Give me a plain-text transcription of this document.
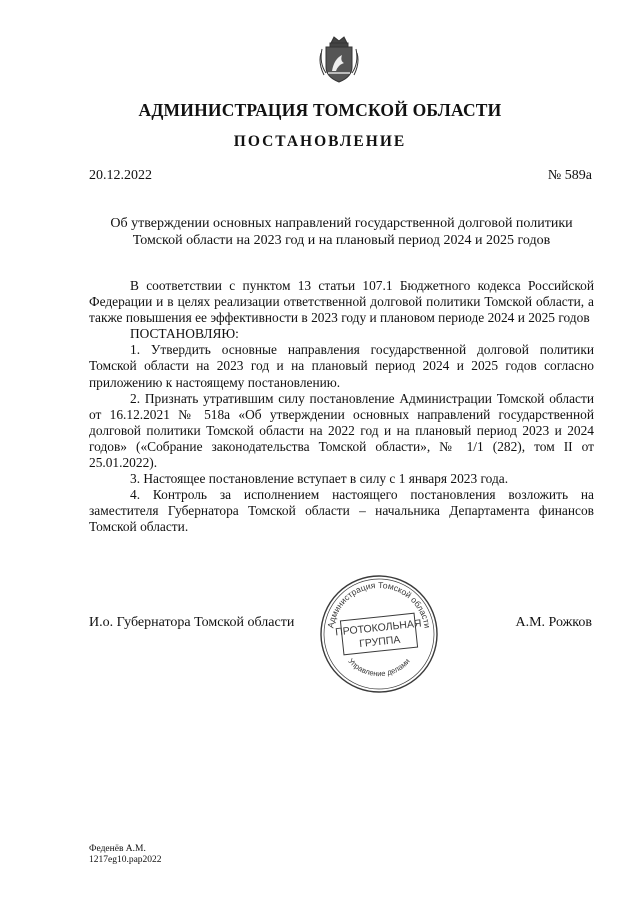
АДМИНИСТРАЦИЯ ТОМСКОЙ ОБЛАСТИ
ПОСТАНОВЛЕНИЕ
20.12.2022	№ 589а
Об утверждении основных направлений государственной долговой политики
Томской области на 2023 год и на плановый период 2024 и 2025 годов

В соответствии с пунктом 13 статьи 107.1 Бюджетного кодекса Российской Федерации и в целях реализации ответственной долговой политики Томской области, а также повышения ее эффективности в 2023 году и плановом периоде 2024 и 2025 годов

ПОСТАНОВЛЯЮ:

1. Утвердить основные направления государственной долговой политики Томской области на 2023 год и на плановый период 2024 и 2025 годов согласно приложению к настоящему постановлению.

2. Признать утратившим силу постановление Администрации Томской области от 16.12.2021 № 518а «Об утверждении основных направлений государственной долговой политики Томской области на 2022 год и на плановый период 2023 и 2024 годов» («Собрание законодательства Томской области», № 1/1 (282), том II от 25.01.2022).

3. Настоящее постановление вступает в силу с 1 января 2023 года.

4. Контроль за исполнением настоящего постановления возложить на заместителя Губернатора Томской области – начальника Департамента финансов Томской области.

И.о. Губернатора Томской области	А.М. Рожков
Администрация Томской области
Управление делами
ПРОТОКОЛЬНАЯ
ГРУППА
Феденёв А.М.
1217eg10.pap2022
